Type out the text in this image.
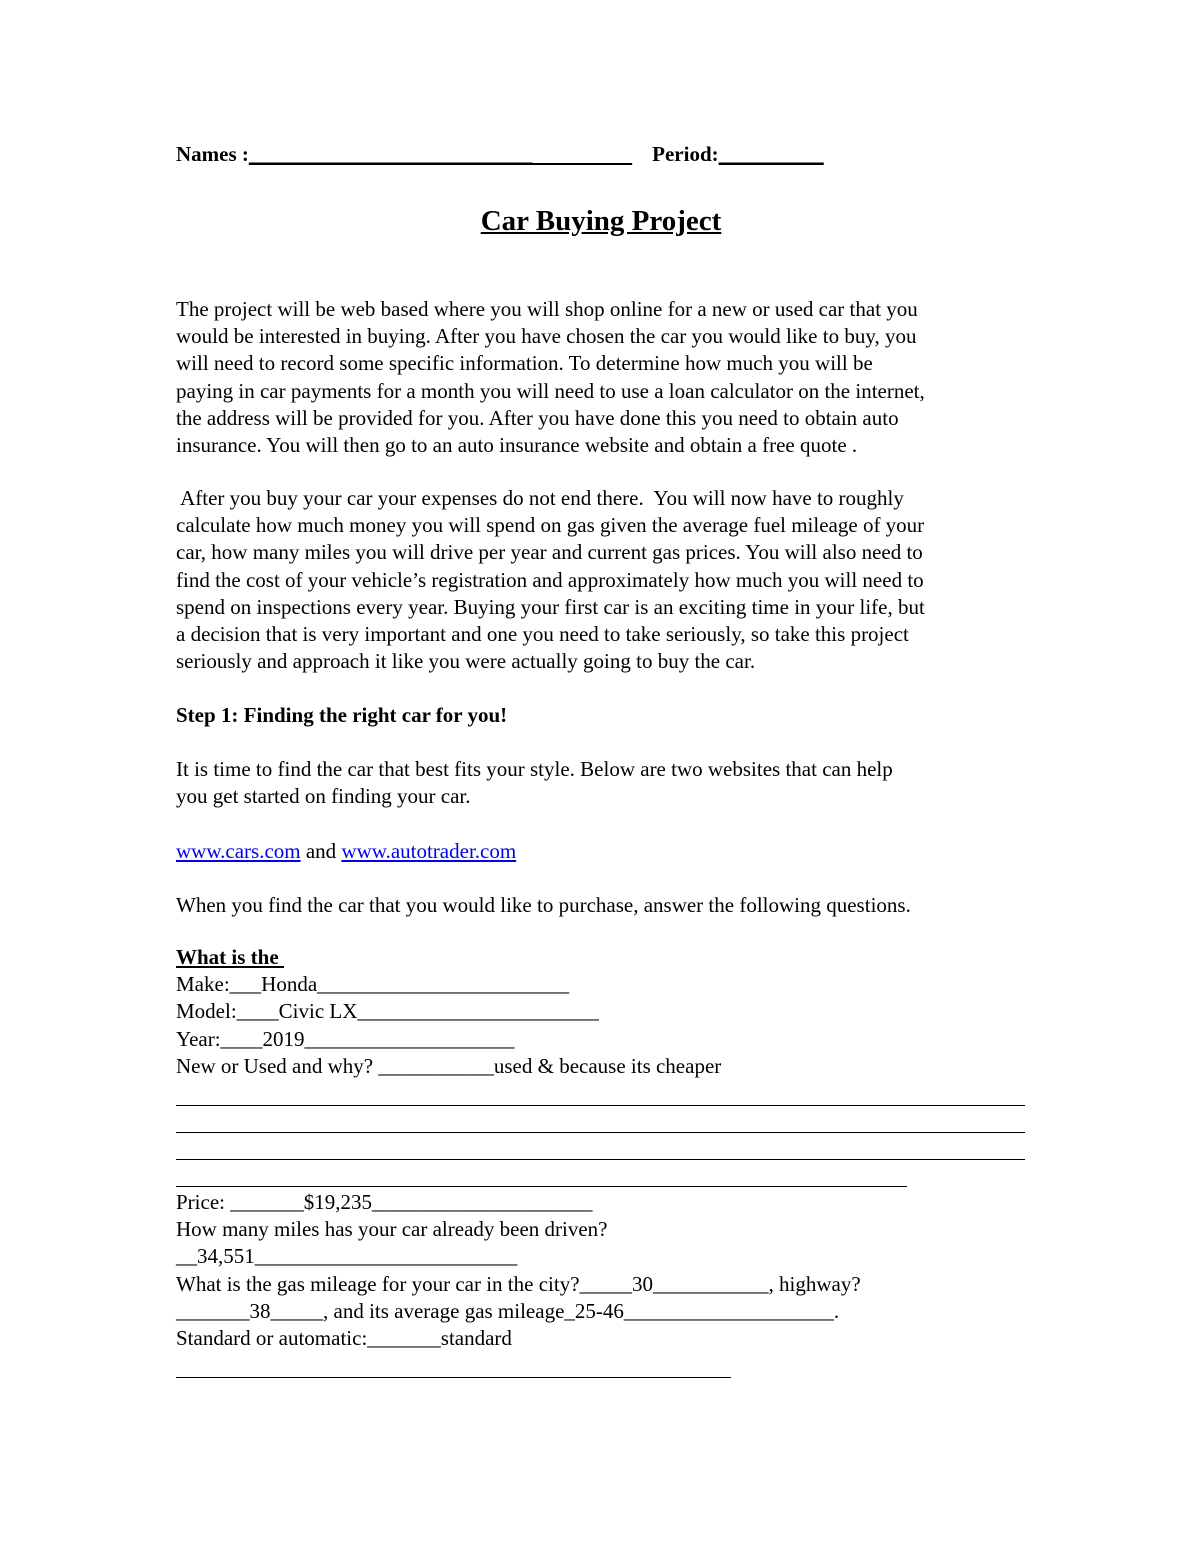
Names :___________________________	Period:__________
Car Buying Project
The project will be web based where you will shop online for a new or used car that you
would be interested in buying. After you have chosen the car you would like to buy, you
will need to record some specific information. To determine how much you will be
paying in car payments for a month you will need to use a loan calculator on the internet,
the address will be provided for you. After you have done this you need to obtain auto
insurance. You will then go to an auto insurance website and obtain a free quote .
After you buy your car your expenses do not end there.  You will now have to roughly
calculate how much money you will spend on gas given the average fuel mileage of your
car, how many miles you will drive per year and current gas prices. You will also need to
find the cost of your vehicle’s registration and approximately how much you will need to
spend on inspections every year. Buying your first car is an exciting time in your life, but
a decision that is very important and one you need to take seriously, so take this project
seriously and approach it like you were actually going to buy the car.
Step 1: Finding the right car for you!
It is time to find the car that best fits your style. Below are two websites that can help
you get started on finding your car.
www.cars.com and www.autotrader.com
When you find the car that you would like to purchase, answer the following questions.
What is the
Make:___Honda________________________
Model:____Civic LX_______________________
Year:____2019____________________
New or Used and why? ___________used & because its cheaper
Price: _______$19,235_____________________
How many miles has your car already been driven?
__34,551_________________________
What is the gas mileage for your car in the city?_____30___________, highway?
_______38_____, and its average gas mileage_25-46____________________.
Standard or automatic:_______standard
